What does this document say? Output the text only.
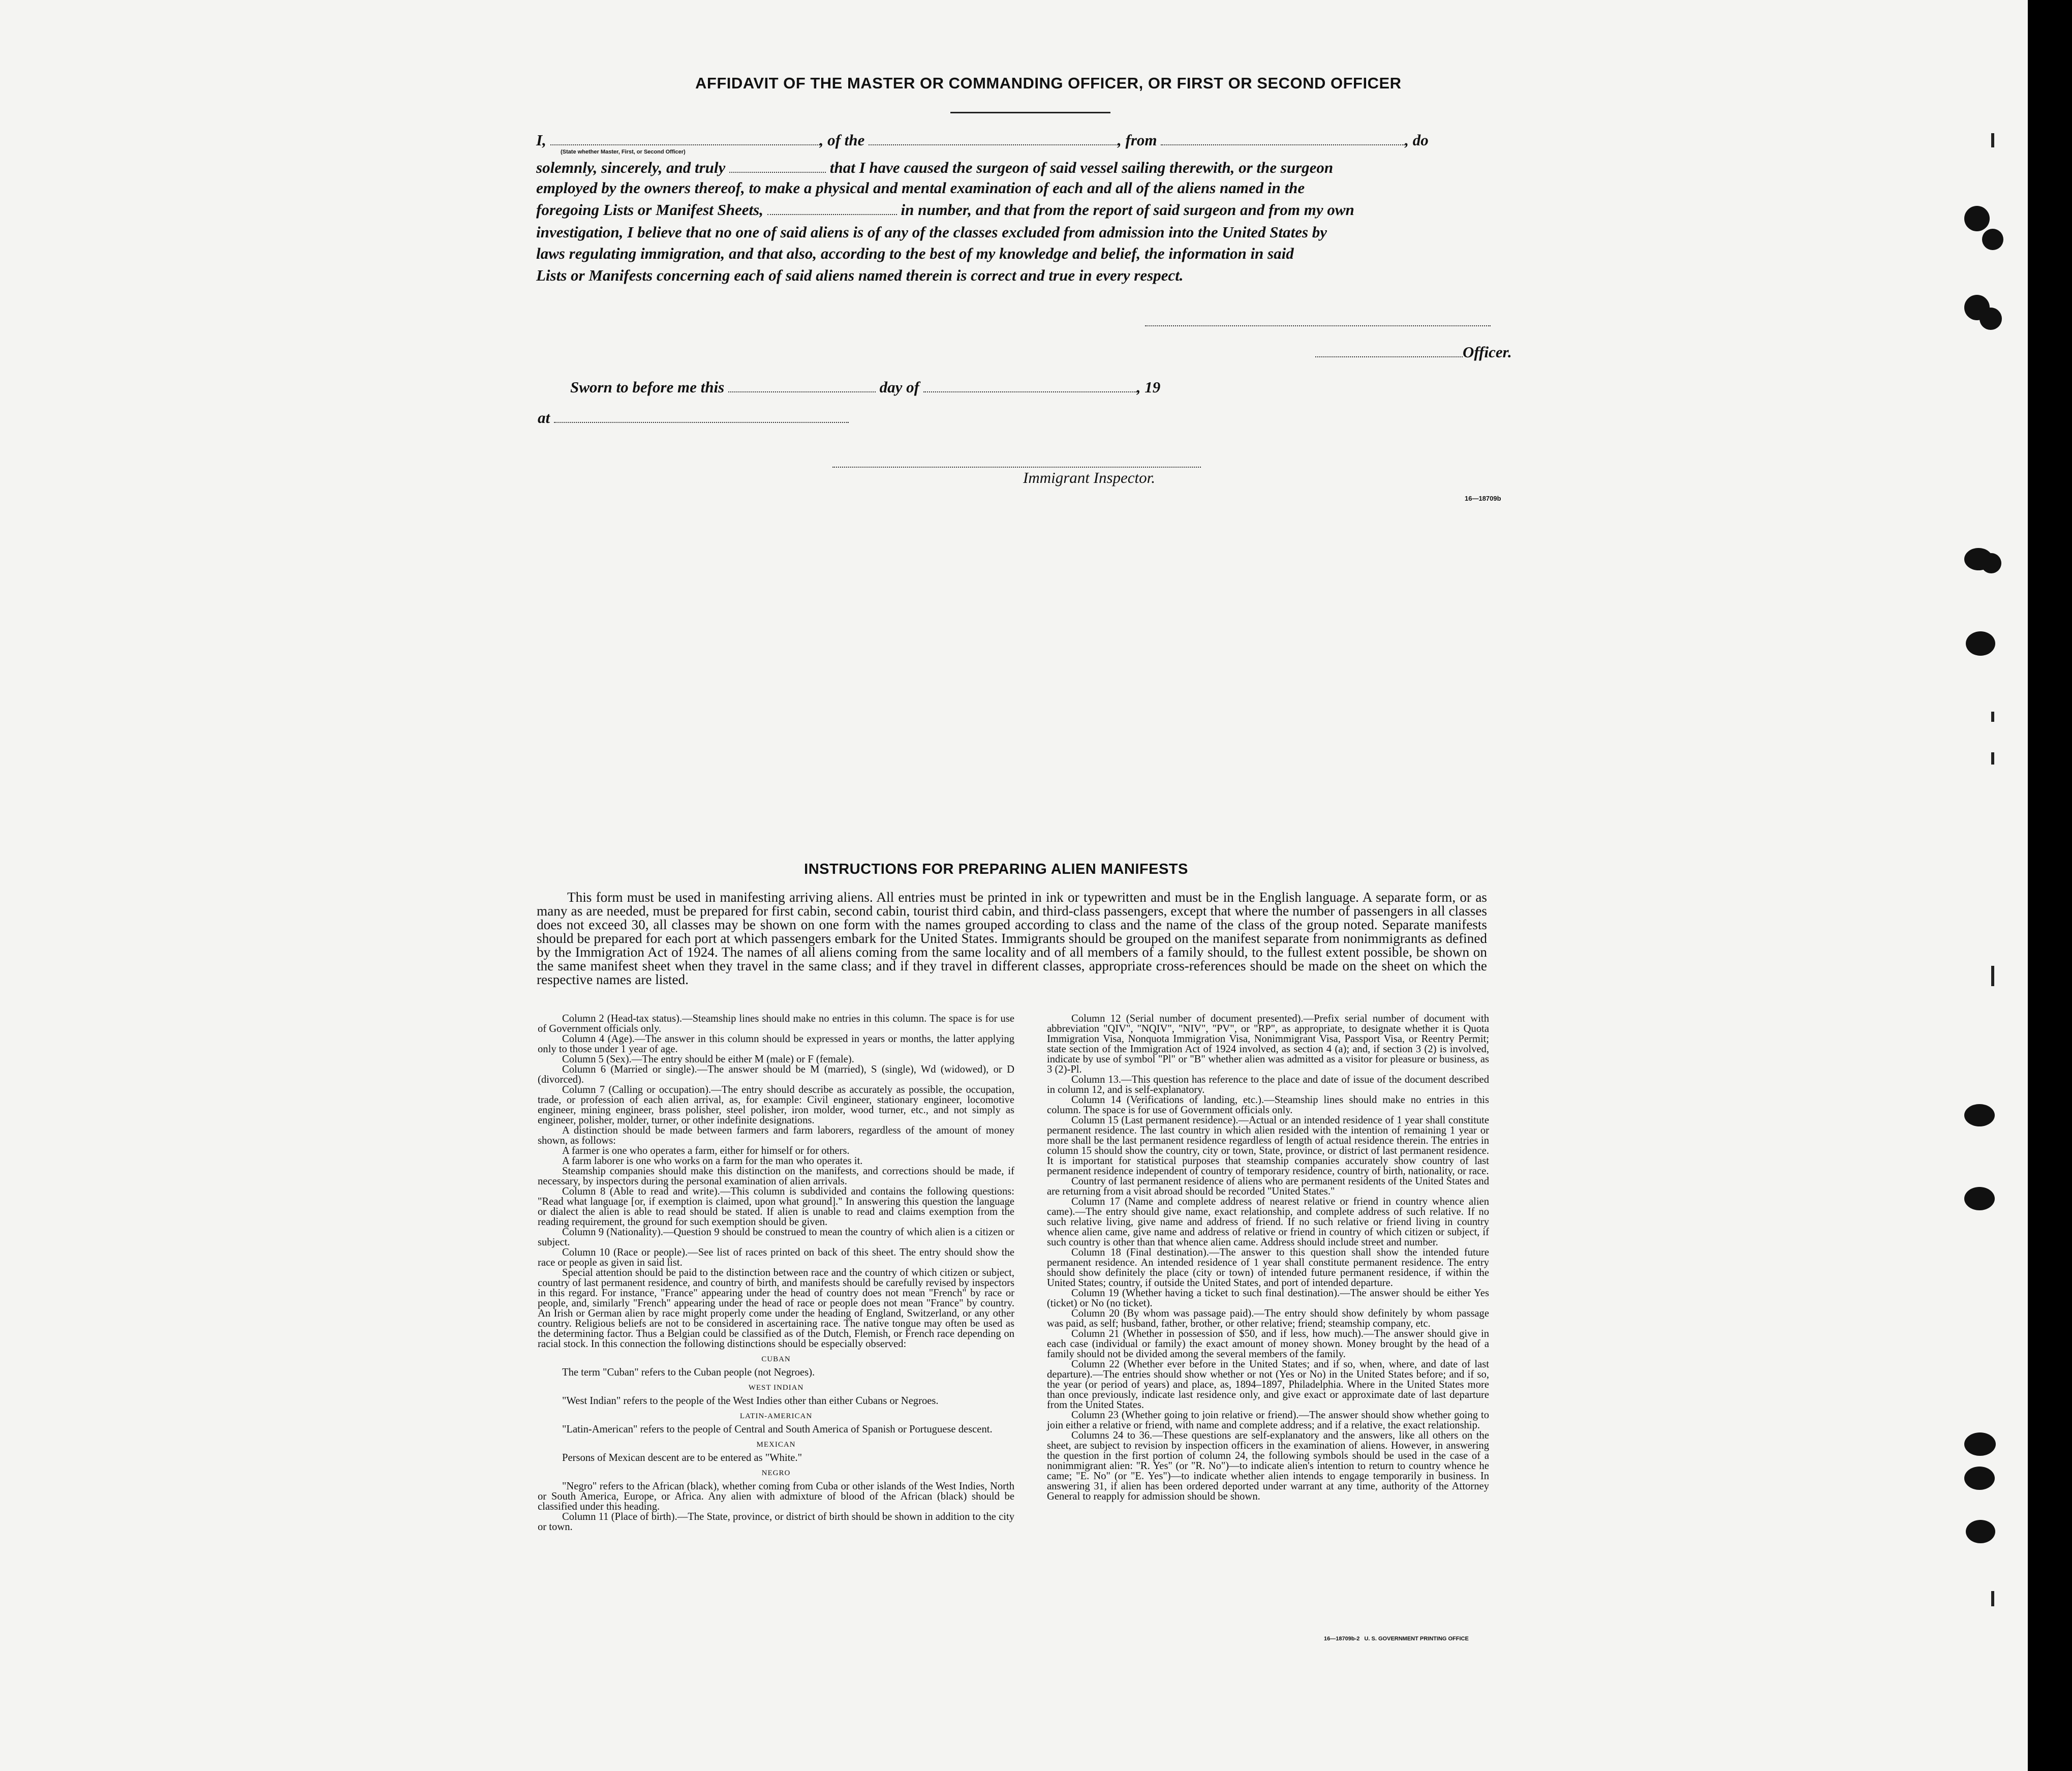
AFFIDAVIT OF THE MASTER OR COMMANDING OFFICER, OR FIRST OR SECOND OFFICER
I,	, of the	, from	, do
(State whether Master, First, or Second Officer)
solemnly, sincerely, and truly	that I have caused the surgeon of said vessel sailing therewith, or the surgeon
employed by the owners thereof, to make a physical and mental examination of each and all of the aliens named in the
foregoing Lists or Manifest Sheets,	in number, and that from the report of said surgeon and from my own
investigation, I believe that no one of said aliens is of any of the classes excluded from admission into the United States by
laws regulating immigration, and that also, according to the best of my knowledge and belief, the information in said
Lists or Manifests concerning each of said aliens named therein is correct and true in every respect.
Officer.
Sworn to before me this	day of	, 19
at
Immigrant Inspector.
16—18709b
INSTRUCTIONS FOR PREPARING ALIEN MANIFESTS
This form must be used in manifesting arriving aliens. All entries must be printed in ink or typewritten and must be in the English language. A separate form, or as many as are needed, must be prepared for first cabin, second cabin, tourist third cabin, and third-class passengers, except that where the number of passengers in all classes does not exceed 30, all classes may be shown on one form with the names grouped according to class and the name of the class of the group noted. Separate manifests should be prepared for each port at which passengers embark for the United States. Immigrants should be grouped on the manifest separate from nonimmigrants as defined by the Immigration Act of 1924. The names of all aliens coming from the same locality and of all members of a family should, to the fullest extent possible, be shown on the same manifest sheet when they travel in the same class; and if they travel in different classes, appropriate cross-references should be made on the sheet on which the respective names are listed.

Column 2 (Head-tax status).—Steamship lines should make no entries in this column. The space is for use of Government officials only.

Column 4 (Age).—The answer in this column should be expressed in years or months, the latter applying only to those under 1 year of age.

Column 5 (Sex).—The entry should be either M (male) or F (female).

Column 6 (Married or single).—The answer should be M (married), S (single), Wd (widowed), or D (divorced).

Column 7 (Calling or occupation).—The entry should describe as accurately as possible, the occupation, trade, or profession of each alien arrival, as, for example: Civil engineer, stationary engineer, locomotive engineer, mining engineer, brass polisher, steel polisher, iron molder, wood turner, etc., and not simply as engineer, polisher, molder, turner, or other indefinite designations.

A distinction should be made between farmers and farm laborers, regardless of the amount of money shown, as follows:

A farmer is one who operates a farm, either for himself or for others.

A farm laborer is one who works on a farm for the man who operates it.

Steamship companies should make this distinction on the manifests, and corrections should be made, if necessary, by inspectors during the personal examination of alien arrivals.

Column 8 (Able to read and write).—This column is subdivided and contains the following questions: "Read what language [or, if exemption is claimed, upon what ground]." In answering this question the language or dialect the alien is able to read should be stated. If alien is unable to read and claims exemption from the reading requirement, the ground for such exemption should be given.

Column 9 (Nationality).—Question 9 should be construed to mean the country of which alien is a citizen or subject.

Column 10 (Race or people).—See list of races printed on back of this sheet. The entry should show the race or people as given in said list.

Special attention should be paid to the distinction between race and the country of which citizen or subject, country of last permanent residence, and country of birth, and manifests should be carefully revised by inspectors in this regard. For instance, "France" appearing under the head of country does not mean "French" by race or people, and, similarly "French" appearing under the head of race or people does not mean "France" by country. An Irish or German alien by race might properly come under the heading of England, Switzerland, or any other country. Religious beliefs are not to be considered in ascertaining race. The native tongue may often be used as the determining factor. Thus a Belgian could be classified as of the Dutch, Flemish, or French race depending on racial stock. In this connection the following distinctions should be especially observed:

CUBAN

The term "Cuban" refers to the Cuban people (not Negroes).

WEST INDIAN

"West Indian" refers to the people of the West Indies other than either Cubans or Negroes.

LATIN-AMERICAN

"Latin-American" refers to the people of Central and South America of Spanish or Portuguese descent.

MEXICAN

Persons of Mexican descent are to be entered as "White."

NEGRO

"Negro" refers to the African (black), whether coming from Cuba or other islands of the West Indies, North or South America, Europe, or Africa. Any alien with admixture of blood of the African (black) should be classified under this heading.

Column 11 (Place of birth).—The State, province, or district of birth should be shown in addition to the city or town.

Column 12 (Serial number of document presented).—Prefix serial number of document with abbreviation "QIV", "NQIV", "NIV", "PV", or "RP", as appropriate, to designate whether it is Quota Immigration Visa, Nonquota Immigration Visa, Nonimmigrant Visa, Passport Visa, or Reentry Permit; state section of the Immigration Act of 1924 involved, as section 4 (a); and, if section 3 (2) is involved, indicate by use of symbol "Pl" or "B" whether alien was admitted as a visitor for pleasure or business, as 3 (2)-Pl.

Column 13.—This question has reference to the place and date of issue of the document described in column 12, and is self-explanatory.

Column 14 (Verifications of landing, etc.).—Steamship lines should make no entries in this column. The space is for use of Government officials only.

Column 15 (Last permanent residence).—Actual or an intended residence of 1 year shall constitute permanent residence. The last country in which alien resided with the intention of remaining 1 year or more shall be the last permanent residence regardless of length of actual residence therein. The entries in column 15 should show the country, city or town, State, province, or district of last permanent residence. It is important for statistical purposes that steamship companies accurately show country of last permanent residence independent of country of temporary residence, country of birth, nationality, or race.

Country of last permanent residence of aliens who are permanent residents of the United States and are returning from a visit abroad should be recorded "United States."

Column 17 (Name and complete address of nearest relative or friend in country whence alien came).—The entry should give name, exact relationship, and complete address of such relative. If no such relative living, give name and address of friend. If no such relative or friend living in country whence alien came, give name and address of relative or friend in country of which citizen or subject, if such country is other than that whence alien came. Address should include street and number.

Column 18 (Final destination).—The answer to this question shall show the intended future permanent residence. An intended residence of 1 year shall constitute permanent residence. The entry should show definitely the place (city or town) of intended future permanent residence, if within the United States; country, if outside the United States, and port of intended departure.

Column 19 (Whether having a ticket to such final destination).—The answer should be either Yes (ticket) or No (no ticket).

Column 20 (By whom was passage paid).—The entry should show definitely by whom passage was paid, as self; husband, father, brother, or other relative; friend; steamship company, etc.

Column 21 (Whether in possession of $50, and if less, how much).—The answer should give in each case (individual or family) the exact amount of money shown. Money brought by the head of a family should not be divided among the several members of the family.

Column 22 (Whether ever before in the United States; and if so, when, where, and date of last departure).—The entries should show whether or not (Yes or No) in the United States before; and if so, the year (or period of years) and place, as, 1894–1897, Philadelphia. Where in the United States more than once previously, indicate last residence only, and give exact or approximate date of last departure from the United States.

Column 23 (Whether going to join relative or friend).—The answer should show whether going to join either a relative or friend, with name and complete address; and if a relative, the exact relationship.

Columns 24 to 36.—These questions are self-explanatory and the answers, like all others on the sheet, are subject to revision by inspection officers in the examination of aliens. However, in answering the question in the first portion of column 24, the following symbols should be used in the case of a nonimmigrant alien: "R. Yes" (or "R. No")—to indicate alien's intention to return to country whence he came; "E. No" (or "E. Yes")—to indicate whether alien intends to engage temporarily in business. In answering 31, if alien has been ordered deported under warrant at any time, authority of the Attorney General to reapply for admission should be shown.

16—18709b-2   U. S. GOVERNMENT PRINTING OFFICE
